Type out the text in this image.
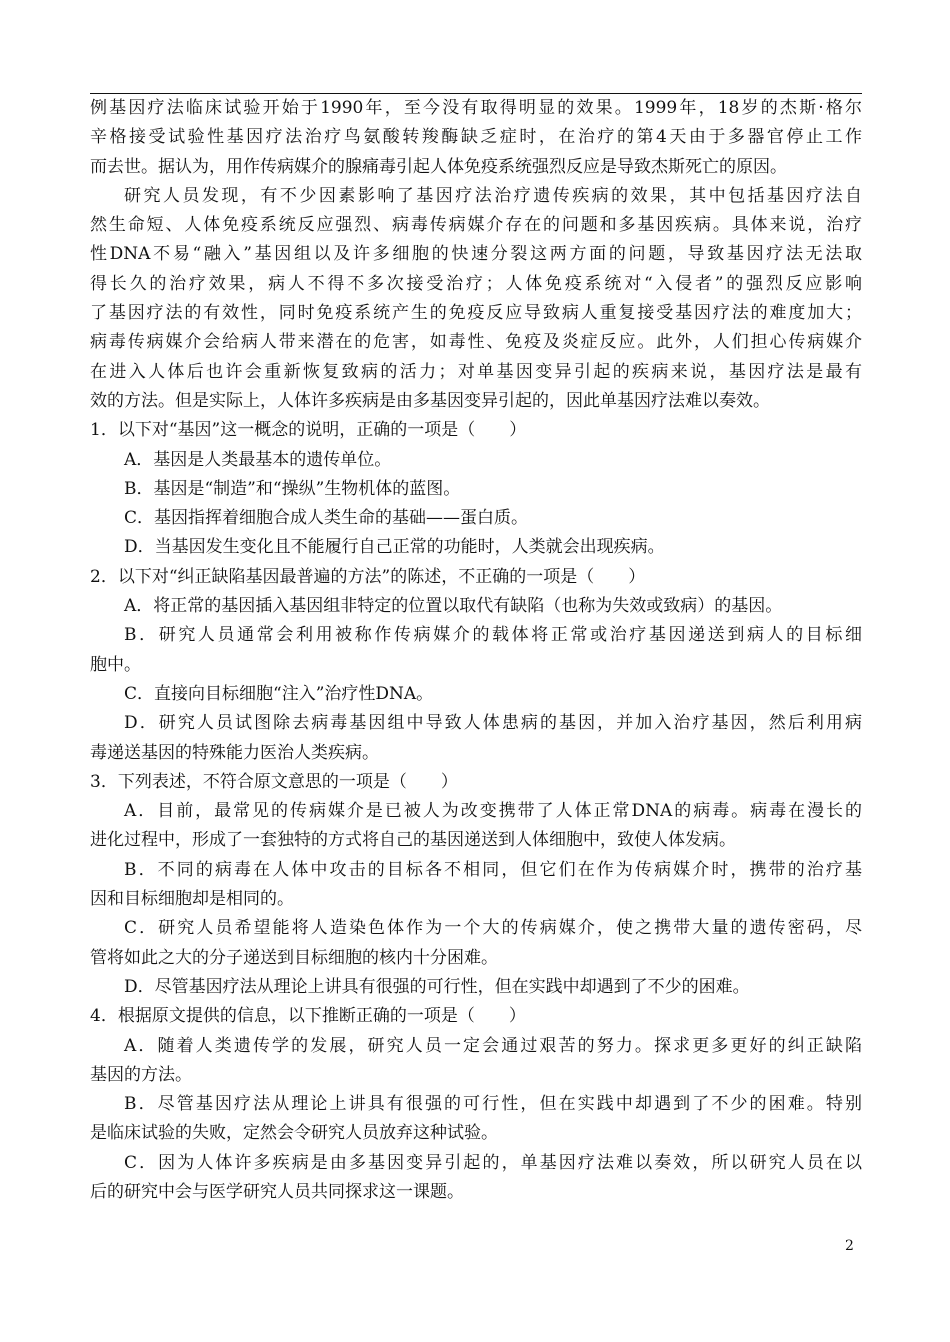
例基因疗法临床试验开始于1990年，至今没有取得明显的效果。1999年，18岁的杰斯·格尔
辛格接受试验性基因疗法治疗鸟氨酸转羧酶缺乏症时，在治疗的第4天由于多器官停止工作
而去世。据认为，用作传病媒介的腺痛毒引起人体免疫系统强烈反应是导致杰斯死亡的原因。
研究人员发现，有不少因素影响了基因疗法治疗遗传疾病的效果，其中包括基因疗法自
然生命短、人体免疫系统反应强烈、病毒传病媒介存在的问题和多基因疾病。具体来说，治疗
性DNA不易“融入”基因组以及许多细胞的快速分裂这两方面的问题，导致基因疗法无法取
得长久的治疗效果，病人不得不多次接受治疗；人体免疫系统对“入侵者”的强烈反应影响
了基因疗法的有效性，同时免疫系统产生的免疫反应导致病人重复接受基因疗法的难度加大；
病毒传病媒介会给病人带来潜在的危害，如毒性、免疫及炎症反应。此外，人们担心传病媒介
在进入人体后也许会重新恢复致病的活力；对单基因变异引起的疾病来说，基因疗法是最有
效的方法。但是实际上，人体许多疾病是由多基因变异引起的，因此单基因疗法难以奏效。
1．以下对“基因”这一概念的说明，正确的一项是（　　）
A．基因是人类最基本的遗传单位。
B．基因是“制造”和“操纵”生物机体的蓝图。
C．基因指挥着细胞合成人类生命的基础——蛋白质。
D．当基因发生变化且不能履行自己正常的功能时，人类就会出现疾病。
2．以下对“纠正缺陷基因最普遍的方法”的陈述，不正确的一项是（　　）
A．将正常的基因插入基因组非特定的位置以取代有缺陷（也称为失效或致病）的基因。
B．研究人员通常会利用被称作传病媒介的载体将正常或治疗基因递送到病人的目标细
胞中。
C．直接向目标细胞“注入”治疗性DNA。
D．研究人员试图除去病毒基因组中导致人体患病的基因，并加入治疗基因，然后利用病
毒递送基因的特殊能力医治人类疾病。
3．下列表述，不符合原文意思的一项是（　　）
A．目前，最常见的传病媒介是已被人为改变携带了人体正常DNA的病毒。病毒在漫长的
进化过程中，形成了一套独特的方式将自己的基因递送到人体细胞中，致使人体发病。
B．不同的病毒在人体中攻击的目标各不相同，但它们在作为传病媒介时，携带的治疗基
因和目标细胞却是相同的。
C．研究人员希望能将人造染色体作为一个大的传病媒介，使之携带大量的遗传密码，尽
管将如此之大的分子递送到目标细胞的核内十分困难。
D．尽管基因疗法从理论上讲具有很强的可行性，但在实践中却遇到了不少的困难。
4．根据原文提供的信息，以下推断正确的一项是（　　）
A．随着人类遗传学的发展，研究人员一定会通过艰苦的努力。探求更多更好的纠正缺陷
基因的方法。
B．尽管基因疗法从理论上讲具有很强的可行性，但在实践中却遇到了不少的困难。特别
是临床试验的失败，定然会令研究人员放弃这种试验。
C．因为人体许多疾病是由多基因变异引起的，单基因疗法难以奏效，所以研究人员在以
后的研究中会与医学研究人员共同探求这一课题。
2
